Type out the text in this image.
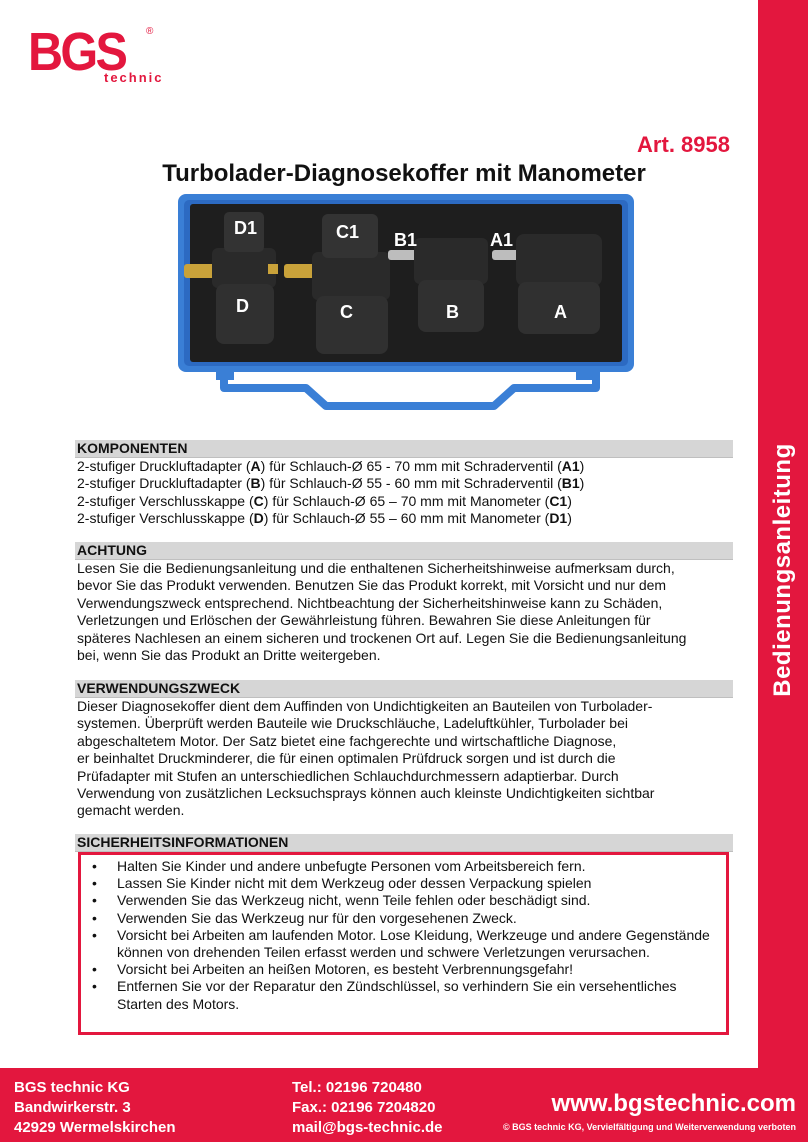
Bedienungsanleitung
BGS ®
technic
Art. 8958
Turbolader-Diagnosekoffer mit Manometer
D1	C1 B1	A1
D	C	B	A
KOMPONENTEN
2-stufiger Druckluftadapter (A) für Schlauch-Ø 65 - 70 mm mit Schraderventil (A1)
2-stufiger Druckluftadapter (B) für Schlauch-Ø 55 - 60 mm mit Schraderventil (B1)
2-stufiger Verschlusskappe (C) für Schlauch-Ø 65 – 70 mm mit Manometer (C1)
2-stufiger Verschlusskappe (D) für Schlauch-Ø 55 – 60 mm mit Manometer (D1)
ACHTUNG
Lesen Sie die Bedienungsanleitung und die enthaltenen Sicherheitshinweise aufmerksam durch,
bevor Sie das Produkt verwenden. Benutzen Sie das Produkt korrekt, mit Vorsicht und nur dem
Verwendungszweck entsprechend. Nichtbeachtung der Sicherheitshinweise kann zu Schäden,
Verletzungen und Erlöschen der Gewährleistung führen. Bewahren Sie diese Anleitungen für
späteres Nachlesen an einem sicheren und trockenen Ort auf. Legen Sie die Bedienungsanleitung
bei, wenn Sie das Produkt an Dritte weitergeben.
VERWENDUNGSZWECK
Dieser Diagnosekoffer dient dem Auffinden von Undichtigkeiten an Bauteilen von Turbolader-
systemen. Überprüft werden Bauteile wie Druckschläuche, Ladeluftkühler, Turbolader bei
abgeschaltetem Motor. Der Satz bietet eine fachgerechte und wirtschaftliche Diagnose,
er beinhaltet Druckminderer, die für einen optimalen Prüfdruck sorgen und ist durch die
Prüfadapter mit Stufen an unterschiedlichen Schlauchdurchmessern adaptierbar. Durch
Verwendung von zusätzlichen Lecksuchsprays können auch kleinste Undichtigkeiten sichtbar
gemacht werden.
SICHERHEITSINFORMATIONEN
• Halten Sie Kinder und andere unbefugte Personen vom Arbeitsbereich fern.
• Lassen Sie Kinder nicht mit dem Werkzeug oder dessen Verpackung spielen
• Verwenden Sie das Werkzeug nicht, wenn Teile fehlen oder beschädigt sind.
• Verwenden Sie das Werkzeug nur für den vorgesehenen Zweck.
• Vorsicht bei Arbeiten am laufenden Motor. Lose Kleidung, Werkzeuge und andere Gegenstände können von drehenden Teilen erfasst werden und schwere Verletzungen verursachen.
• Vorsicht bei Arbeiten an heißen Motoren, es besteht Verbrennungsgefahr!
• Entfernen Sie vor der Reparatur den Zündschlüssel, so verhindern Sie ein versehentliches Starten des Motors.
BGS technic KG
Bandwirkerstr. 3
42929 Wermelskirchen
Tel.: 02196 720480
Fax.: 02196 7204820
mail@bgs-technic.de
www.bgstechnic.com
© BGS technic KG, Vervielfältigung und Weiterverwendung verboten
